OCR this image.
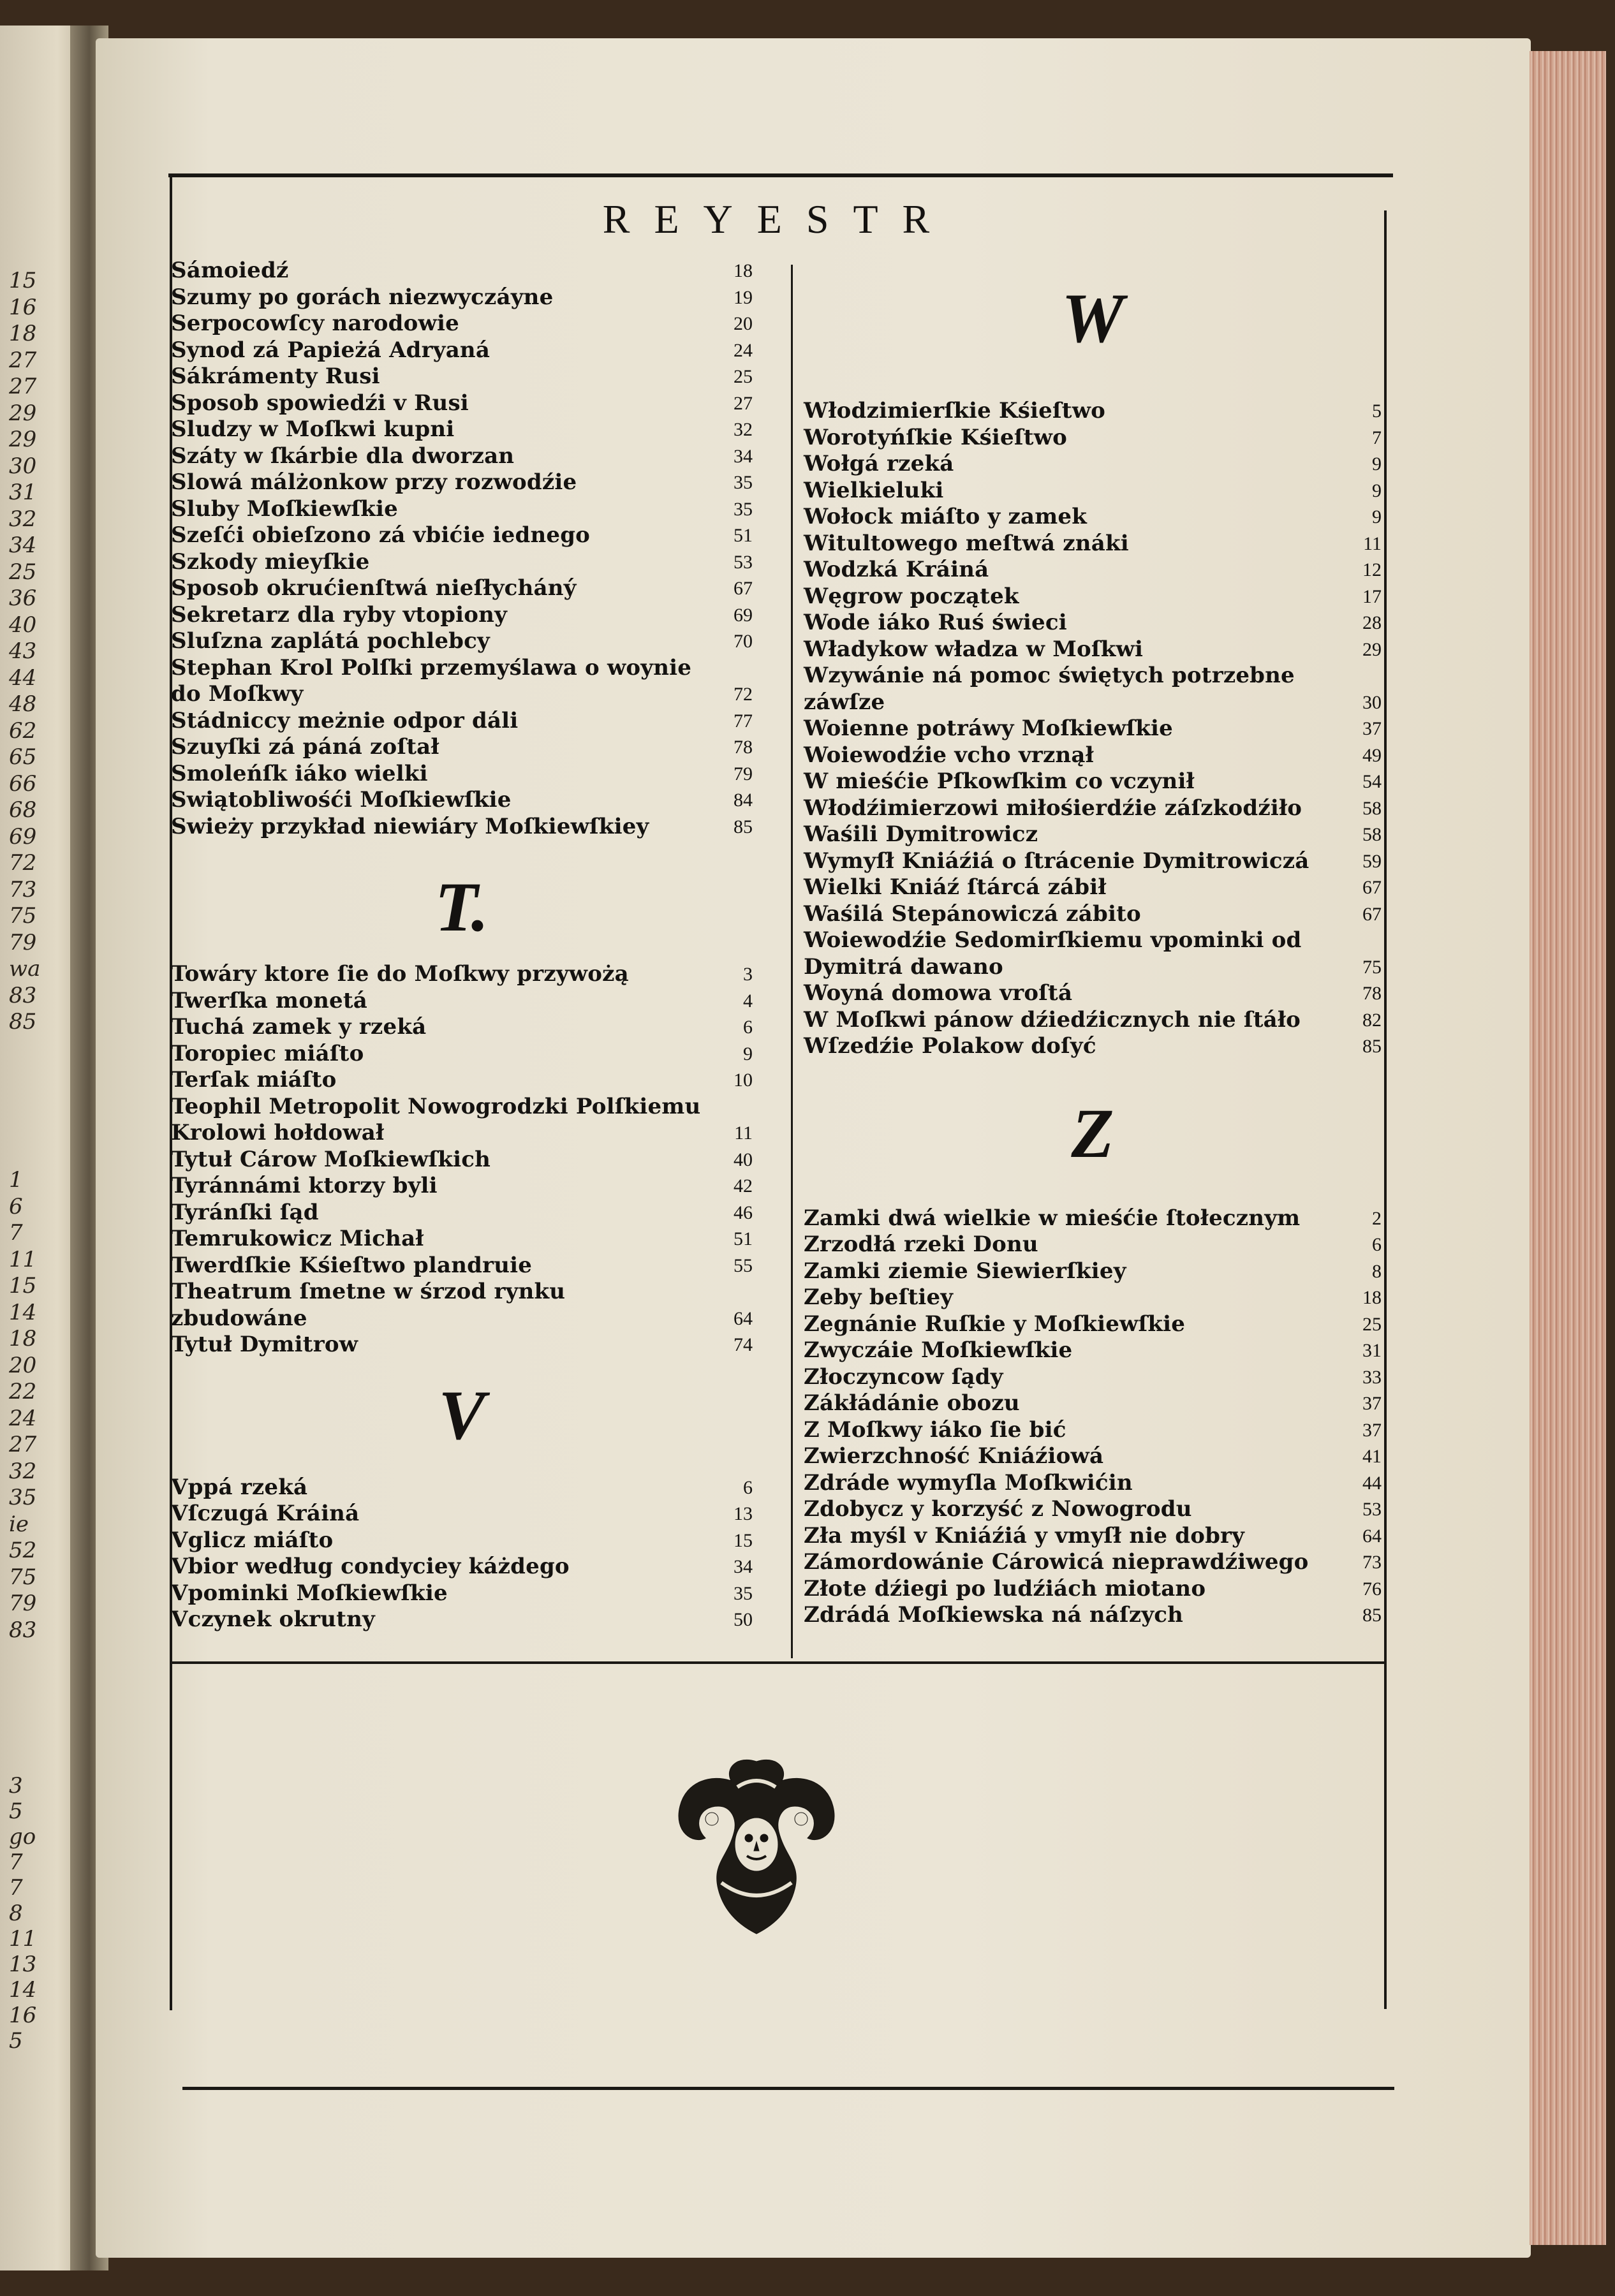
15
16
18
27
27
29
29
30
31
32
34
25
36
40
43
44
48
62
65
66
68
69
72
73
75
79
wa
83
85
1
6
7
11
15
14
18
20
22
24
27
32
35
ie
52
75
79
83
3
5
go
7
7
8
11
13
14
16
5
REYESTR
Sámoiedź	18
Szumy po gorách niezwyczáyne	19
Serpocowſcy narodowie	20
Synod zá Papieżá Adryaná	24
Sákrámenty Rusi	25
Sposob spowiedźi v Rusi	27
Sludzy w Moſkwi kupni	32
Száty w ſkárbie dla dworzan	34
Slowá málżonkow przy rozwodźie	35
Sluby Moſkiewſkie	35
Szeſći obieſzono zá vbićie iednego	51
Szkody mieyſkie	53
Sposob okrućienſtwá nieſłycháný	67
Sekretarz dla ryby vtopiony	69
Sluſzna zaplátá pochlebcy	70
Stephan Krol Polſki przemyślawa o woynie do Moſkwy	72
Stádniccy meżnie odpor dáli	77
Szuyſki zá páná zoſtał	78
Smoleńſk iáko wielki	79
Swiątobliwośći Moſkiewſkie	84
Swieży przykład niewiáry Moſkiewſkiey	85
T.
Towáry ktore ſie do Moſkwy przywożą	3
Twerſka monetá	4
Tuchá zamek y rzeká	6
Toropiec miáſto	9
Terſak miáſto	10
Teophil Metropolit Nowogrodzki Polſkiemu Krolowi hołdował	11
Tytuł Cárow Moſkiewſkich	40
Tyránnámi ktorzy byli	42
Tyránſki ſąd	46
Temrukowicz Michał	51
Twerdſkie Kśieſtwo plandruie	55
Theatrum ſmetne w śrzod rynku zbudowáne	64
Tytuł Dymitrow	74
V
Vppá rzeká	6
Vſczugá Kráiná	13
Vglicz miáſto	15
Vbior według condyciey káżdego	34
Vpominki Moſkiewſkie	35
Vczynek okrutny	50
W
Włodzimierſkie Kśieſtwo	5
Worotyńſkie Kśieſtwo	7
Wołgá rzeká	9
Wielkieluki	9
Wołock miáſto y zamek	9
Witultowego meſtwá znáki	11
Wodzká Kráiná	12
Węgrow początek	17
Wode iáko Ruś świeci	28
Władykow władza w Moſkwi	29
Wzywánie ná pomoc świętych potrzebne záwſze	30
Woienne potráwy Moſkiewſkie	37
Woiewodźie vcho vrznął	49
W mieśćie Pſkowſkim co vczynił	54
Włodźimierzowi miłośierdźie záſzkodźiło	58
Waśili Dymitrowicz	58
Wymyſł Kniáźiá o ſtrácenie Dymitrowiczá	59
Wielki Kniáź ſtárcá zábił	67
Waśilá Stepánowiczá zábito	67
Woiewodźie Sedomirſkiemu vpominki od Dymitrá dawano	75
Woyná domowa vroſtá	78
W Moſkwi pánow dźiedźicznych nie ſtáło	82
Wſzedźie Polakow doſyć	85
Z
Zamki dwá wielkie w mieśćie ſtołecznym	2
Zrzodłá rzeki Donu	6
Zamki ziemie Siewierſkiey	8
Zeby beſtiey	18
Zegnánie Ruſkie y Moſkiewſkie	25
Zwyczáie Moſkiewſkie	31
Złoczyncow ſądy	33
Zákłádánie obozu	37
Z Moſkwy iáko ſie bić	37
Zwierzchność Kniáźiowá	41
Zdráde wymyſla Moſkwićin	44
Zdobycz y korzyść z Nowogrodu	53
Zła myśl v Kniáźiá y vmyſł nie dobry	64
Zámordowánie Cárowicá nieprawdźiwego	73
Złote dźiegi po ludźiách miotano	76
Zdrádá Moſkiewska ná náſzych	85
